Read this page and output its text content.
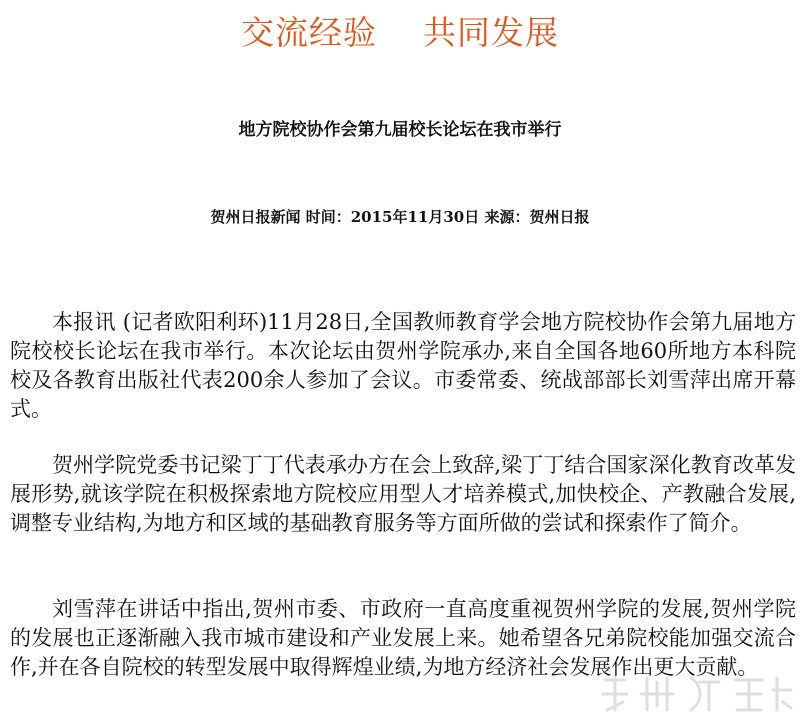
交流经验    共同发展
地方院校协作会第九届校长论坛在我市举行
贺州日报新闻 时间：2015年11月30日 来源：贺州日报

本报讯 (记者欧阳利环)11月28日,全国教师教育学会地方院校协作会第九届地方院校校长论坛在我市举行。本次论坛由贺州学院承办,来自全国各地60所地方本科院校及各教育出版社代表200余人参加了会议。市委常委、统战部部长刘雪萍出席开幕式。

贺州学院党委书记梁丁丁代表承办方在会上致辞,梁丁丁结合国家深化教育改革发展形势,就该学院在积极探索地方院校应用型人才培养模式,加快校企、产教融合发展,调整专业结构,为地方和区域的基础教育服务等方面所做的尝试和探索作了简介。

刘雪萍在讲话中指出,贺州市委、市政府一直高度重视贺州学院的发展,贺州学院的发展也正逐渐融入我市城市建设和产业发展上来。她希望各兄弟院校能加强交流合作,并在各自院校的转型发展中取得辉煌业绩,为地方经济社会发展作出更大贡献。
